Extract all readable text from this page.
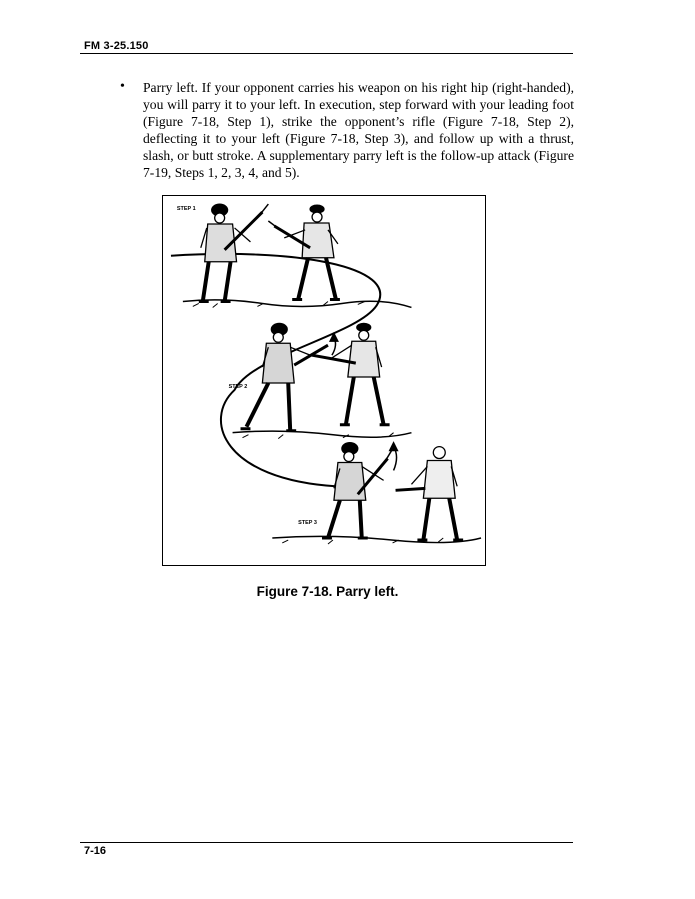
FM 3-25.150
• Parry left. If your opponent carries his weapon on his right hip (right-handed), you will parry it to your left. In execution, step forward with your leading foot (Figure 7-18, Step 1), strike the opponent’s rifle (Figure 7-18, Step 2), deflecting it to your left (Figure 7-18, Step 3), and follow up with a thrust, slash, or butt stroke. A supplementary parry left is the follow-up attack (Figure 7-19, Steps 1, 2, 3, 4, and 5).
STEP 1
STEP 2
STEP 3
Figure 7-18. Parry left.
7-16
